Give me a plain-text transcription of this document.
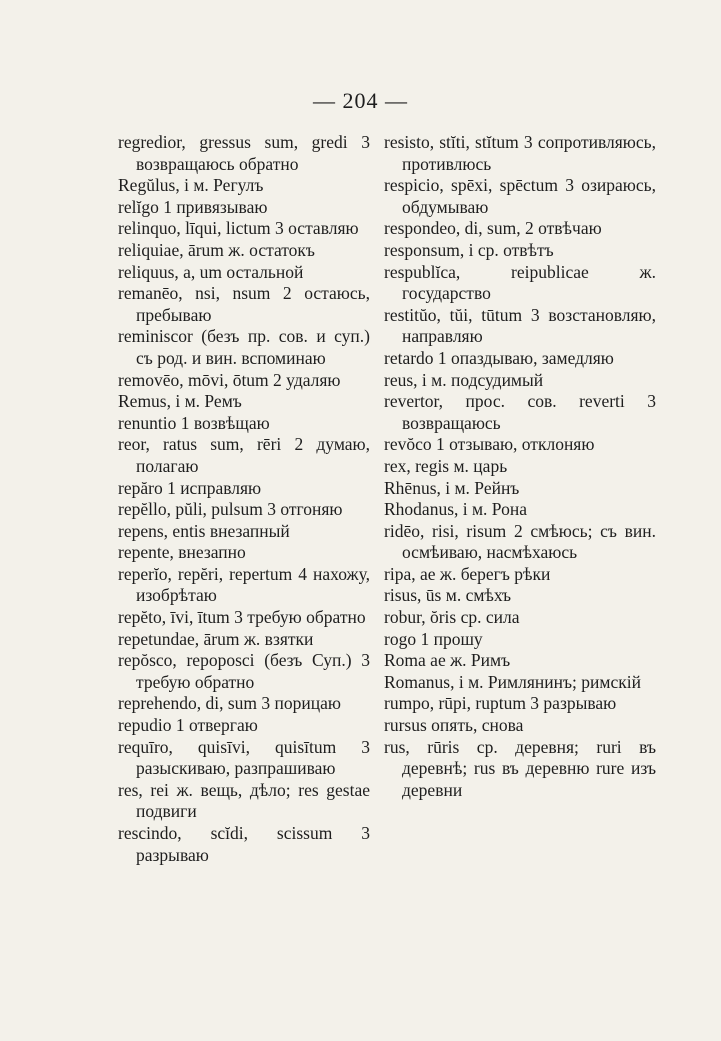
— 204 —
regredior, gressus sum, gredi 3 возвращаюсь обратно
Regŭlus, i м. Регулъ
relĭgo 1 привязываю
relinquo, līqui, lictum 3 оставляю
reliquiae, ārum ж. остатокъ
reliquus, a, um остальной
remanēo, nsi, nsum 2 остаюсь, пребываю
reminiscor (безъ пр. сов. и суп.) съ род. и вин. вспоминаю
removēo, mōvi, ōtum 2 удаляю
Remus, i м. Ремъ
renuntio 1 возвѣщаю
reor, ratus sum, rēri 2 думаю, полагаю
repăro 1 исправляю
repĕllo, pŭli, pulsum 3 отгоняю
repens, entis внезапный
repente, внезапно
reperĭo, repĕri, repertum 4 нахожу, изобрѣтаю
repĕto, īvi, ītum 3 требую обратно
repetundae, ārum ж. взятки
repŏsco, repoposci (безъ Суп.) 3 требую обратно
reprehendo, di, sum 3 порицаю
repudio 1 отвергаю
requīro, quisīvi, quisītum 3 разыскиваю, разпрашиваю
res, rei ж. вещь, дѣло; res gestae подвиги
rescindo, scĭdi, scissum 3 разрываю
resisto, stĭti, stĭtum 3 сопротивляюсь, противлюсь
respicio, spēxi, spēctum 3 озираюсь, обдумываю
respondeo, di, sum, 2 отвѣчаю
responsum, i ср. отвѣтъ
respublĭca, reipublicae ж. государство
restitŭo, tŭi, tūtum 3 возстановляю, направляю
retardo 1 опаздываю, замедляю
reus, i м. подсудимый
revertor, прос. сов. reverti 3 возвращаюсь
revŏco 1 отзываю, отклоняю
rex, regis м. царь
Rhēnus, i м. Рейнъ
Rhodanus, i м. Рона
ridēo, risi, risum 2 смѣюсь; съ вин. осмѣиваю, насмѣхаюсь
ripa, ae ж. берегъ рѣки
risus, ūs м. смѣхъ
robur, ŏris ср. сила
rogo 1 прошу
Roma ae ж. Римъ
Romanus, i м. Римлянинъ; римскій
rumpo, rūpi, ruptum 3 разрываю
rursus опять, снова
rus, rūris ср. деревня; ruri въ деревнѣ; rus въ деревню rure изъ деревни
